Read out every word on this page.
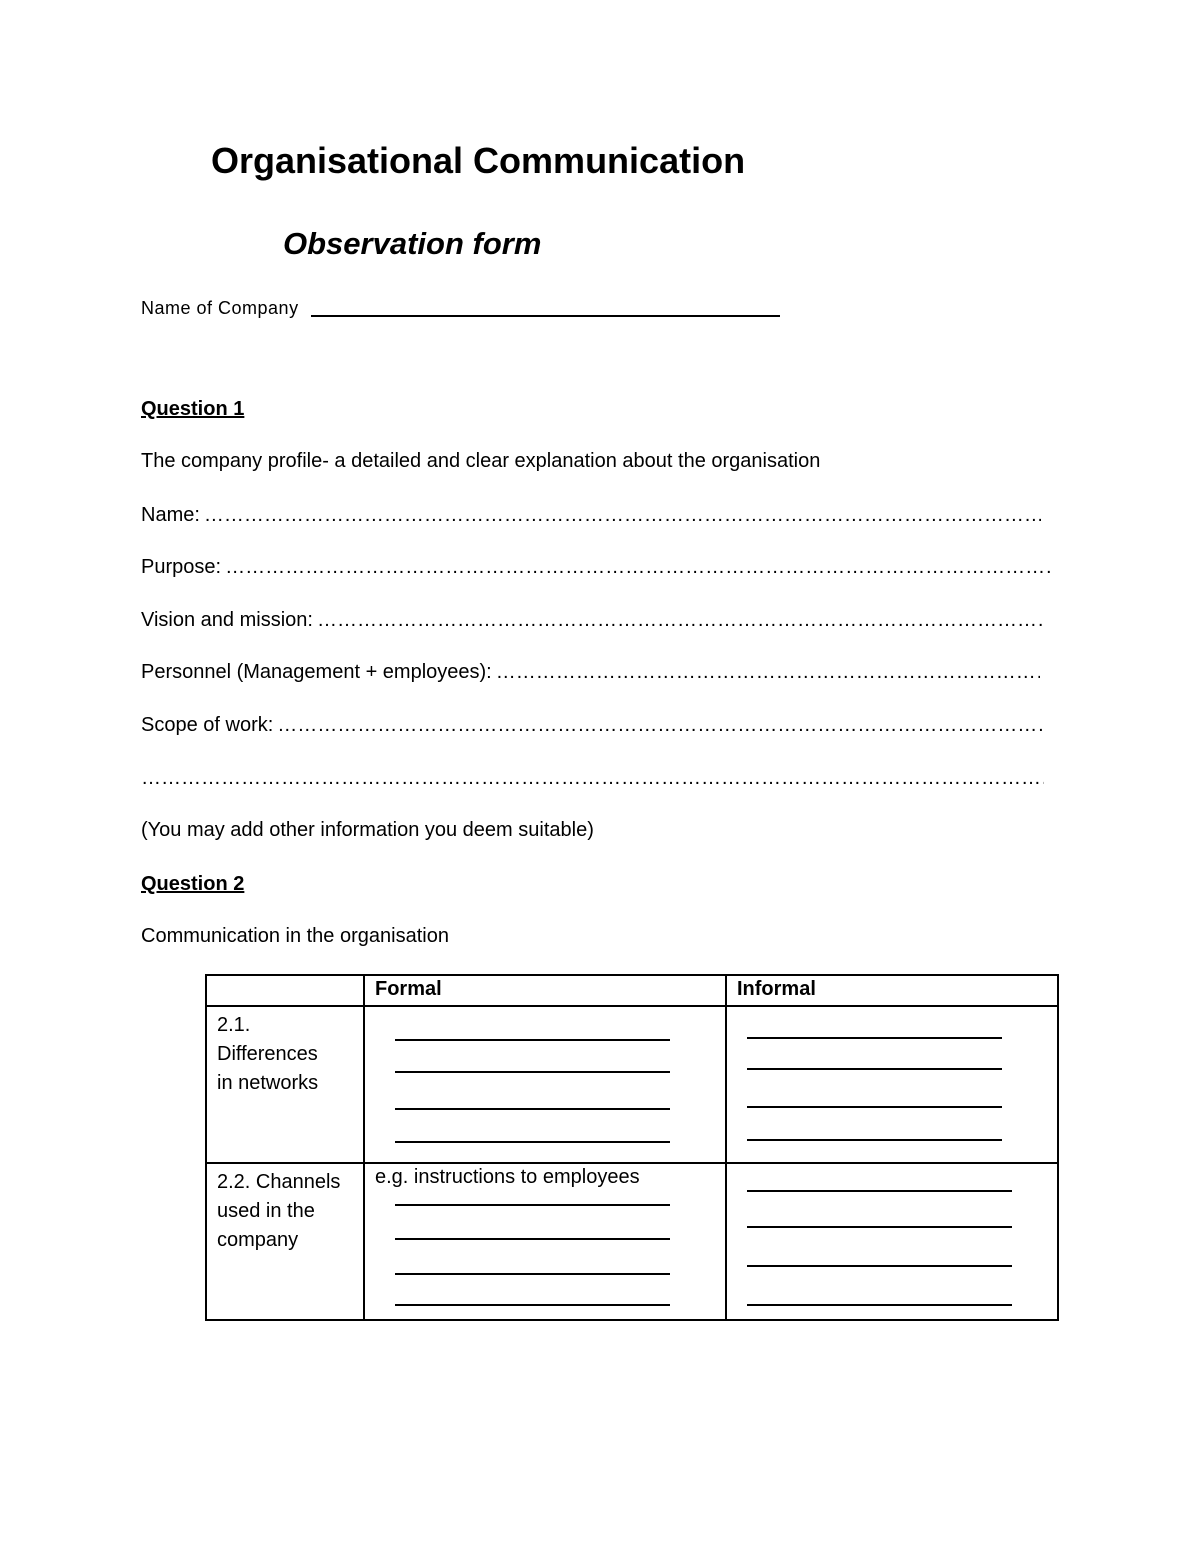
Organisational Communication
Observation form
Name of Company
Question 1
The company profile- a detailed and clear explanation about the organisation
Name:
……………………………………………………………………………………………………………………………………………………………………………………………………
Purpose:
……………………………………………………………………………………………………………………………………………………………………………………………………
Vision and mission:
……………………………………………………………………………………………………………………………………………………………………………………………………
Personnel (Management + employees):
……………………………………………………………………………………………………………………………………………………………………………………………………
Scope of work:
……………………………………………………………………………………………………………………………………………………………………………………………………
……………………………………………………………………………………………………………………………………………………………………………………………………
(You may add other information you deem suitable)
Question 2
Communication in the organisation
	Formal	Informal

2.1. Differences in networks		

2.2. Channels used in the company	e.g. instructions to employees	
